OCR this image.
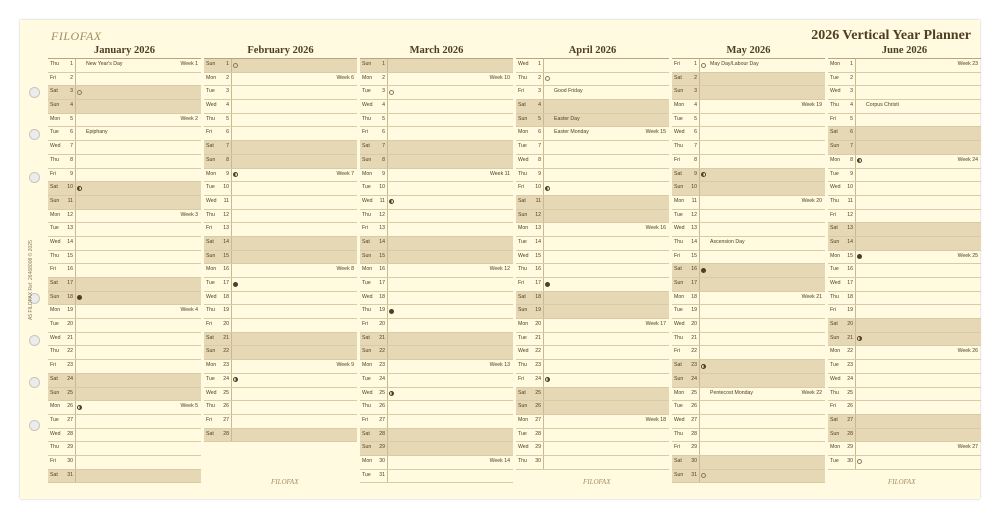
FILOFAX	2026 Vertical Year Planner
A5 FILOFAX Ref. 26468008 © 2025
January 2026
Thu	1	New Year's Day	Week 1
Fri	2
Sat	3
Sun	4
Mon	5	Week 2
Tue	6	Epiphany
Wed	7
Thu	8
Fri	9
Sat	10
Sun	11
Mon	12	Week 3
Tue	13
Wed	14
Thu	15
Fri	16
Sat	17
Sun	18
Mon	19	Week 4
Tue	20
Wed	21
Thu	22
Fri	23
Sat	24
Sun	25
Mon	26	Week 5
Tue	27
Wed	28
Thu	29
Fri	30
Sat	31
February 2026
Sun	1
Mon	2	Week 6
Tue	3
Wed	4
Thu	5
Fri	6
Sat	7
Sun	8
Mon	9	Week 7
Tue	10
Wed	11
Thu	12
Fri	13
Sat	14
Sun	15
Mon	16	Week 8
Tue	17
Wed	18
Thu	19
Fri	20
Sat	21
Sun	22
Mon	23	Week 9
Tue	24
Wed	25
Thu	26
Fri	27
Sat	28
March 2026
Sun	1
Mon	2	Week 10
Tue	3
Wed	4
Thu	5
Fri	6
Sat	7
Sun	8
Mon	9	Week 11
Tue	10
Wed	11
Thu	12
Fri	13
Sat	14
Sun	15
Mon	16	Week 12
Tue	17
Wed	18
Thu	19
Fri	20
Sat	21
Sun	22
Mon	23	Week 13
Tue	24
Wed	25
Thu	26
Fri	27
Sat	28
Sun	29
Mon	30	Week 14
Tue	31
April 2026
Wed	1
Thu	2
Fri	3	Good Friday
Sat	4
Sun	5	Easter Day
Mon	6	Easter Monday	Week 15
Tue	7
Wed	8
Thu	9
Fri	10
Sat	11
Sun	12
Mon	13	Week 16
Tue	14
Wed	15
Thu	16
Fri	17
Sat	18
Sun	19
Mon	20	Week 17
Tue	21
Wed	22
Thu	23
Fri	24
Sat	25
Sun	26
Mon	27	Week 18
Tue	28
Wed	29
Thu	30
May 2026
Fri	1	May Day/Labour Day
Sat	2
Sun	3
Mon	4	Week 19
Tue	5
Wed	6
Thu	7
Fri	8
Sat	9
Sun	10
Mon	11	Week 20
Tue	12
Wed	13
Thu	14	Ascension Day
Fri	15
Sat	16
Sun	17
Mon	18	Week 21
Tue	19
Wed	20
Thu	21
Fri	22
Sat	23
Sun	24
Mon	25	Pentecost Monday	Week 22
Tue	26
Wed	27
Thu	28
Fri	29
Sat	30
Sun	31
June 2026
Mon	1	Week 23
Tue	2
Wed	3
Thu	4	Corpus Christi
Fri	5
Sat	6
Sun	7
Mon	8	Week 24
Tue	9
Wed	10
Thu	11
Fri	12
Sat	13
Sun	14
Mon	15	Week 25
Tue	16
Wed	17
Thu	18
Fri	19
Sat	20
Sun	21
Mon	22	Week 26
Tue	23
Wed	24
Thu	25
Fri	26
Sat	27
Sun	28
Mon	29	Week 27
Tue	30
FILOFAX	FILOFAX	FILOFAX
